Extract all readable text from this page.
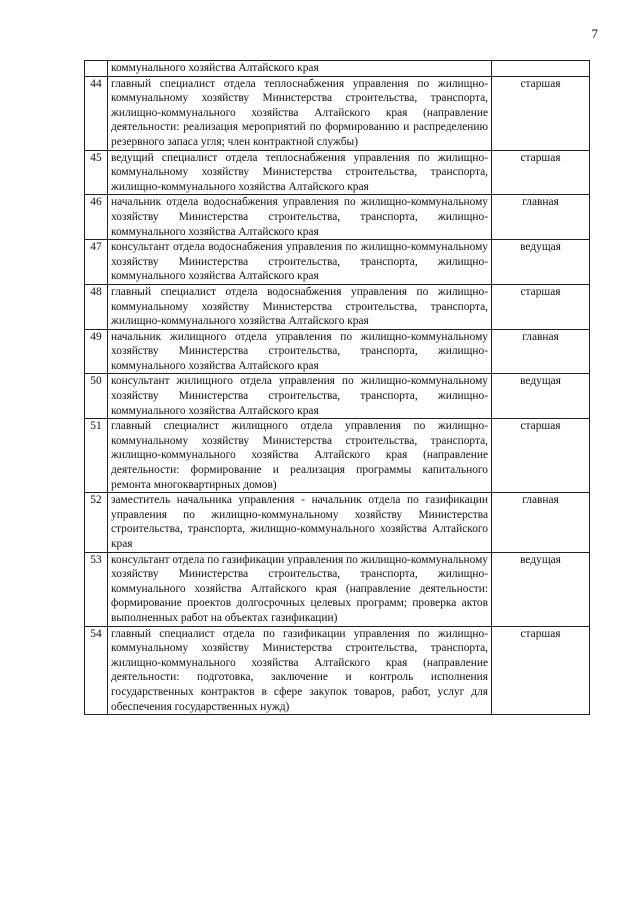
7
	коммунального хозяйства Алтайского края	
44	главный специалист отдела теплоснабжения управления по жилищно-коммунальному хозяйству Министерства строительства, транспорта, жилищно-коммунального хозяйства Алтайского края (направление деятельности: реализация мероприятий по формированию и распределению резервного запаса угля; член контрактной службы)	старшая
45	ведущий специалист отдела теплоснабжения управления по жилищно-коммунальному хозяйству Министерства строительства, транспорта, жилищно-коммунального хозяйства Алтайского края	старшая
46	начальник отдела водоснабжения управления по жилищно-коммунальному хозяйству Министерства строительства, транспорта, жилищно-коммунального хозяйства Алтайского края	главная
47	консультант отдела водоснабжения управления по жилищно-коммунальному хозяйству Министерства строительства, транспорта, жилищно-коммунального хозяйства Алтайского края	ведущая
48	главный специалист отдела водоснабжения управления по жилищно-коммунальному хозяйству Министерства строительства, транспорта, жилищно-коммунального хозяйства Алтайского края	старшая
49	начальник жилищного отдела управления по жилищно-коммунальному хозяйству Министерства строительства, транспорта, жилищно-коммунального хозяйства Алтайского края	главная
50	консультант жилищного отдела управления по жилищно-коммунальному хозяйству Министерства строительства, транспорта, жилищно-коммунального хозяйства Алтайского края	ведущая
51	главный специалист жилищного отдела управления по жилищно-коммунальному хозяйству Министерства строительства, транспорта, жилищно-коммунального хозяйства Алтайского края (направление деятельности: формирование и реализация программы капитального ремонта многоквартирных домов)	старшая
52	заместитель начальника управления - начальник отдела по газификации управления по жилищно-коммунальному хозяйству Министерства строительства, транспорта, жилищно-коммунального хозяйства Алтайского края	главная
53	консультант отдела по газификации управления по жилищно-коммунальному хозяйству Министерства строительства, транспорта, жилищно-коммунального хозяйства Алтайского края (направление деятельности: формирование проектов долгосрочных целевых программ; проверка актов выполненных работ на объектах газификации)	ведущая
54	главный специалист отдела по газификации управления по жилищно-коммунальному хозяйству Министерства строительства, транспорта, жилищно-коммунального хозяйства Алтайского края (направление деятельности: подготовка, заключение и контроль исполнения государственных контрактов в сфере закупок товаров, работ, услуг для обеспечения государственных нужд)	старшая
